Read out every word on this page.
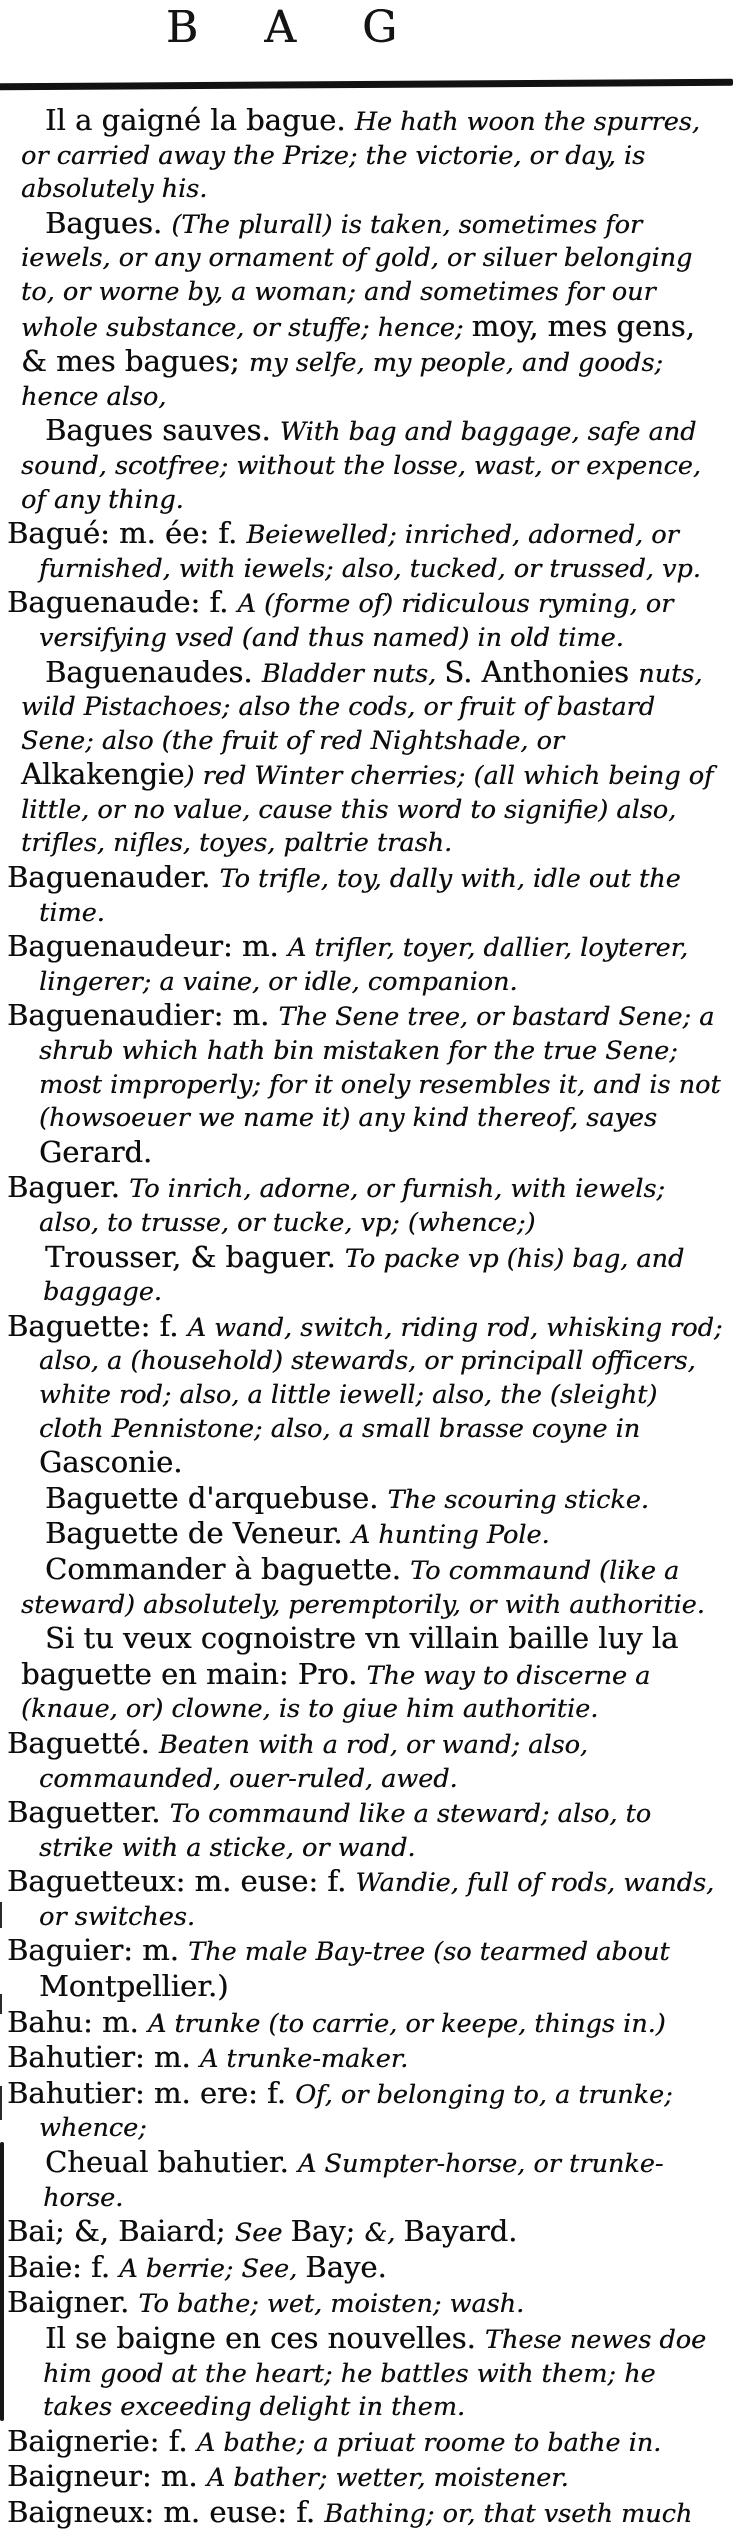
B A G

Il a gaigné la bague. He hath woon the spurres, or carried away the Prize; the victorie, or day, is absolutely his.

Bagues. (The plurall) is taken, sometimes for iewels, or any ornament of gold, or siluer belonging to, or worne by, a woman; and sometimes for our whole substance, or stuffe; hence; moy, mes gens, & mes bagues; my selfe, my people, and goods; hence also,

Bagues sauves. With bag and baggage, safe and sound, scotfree; without the losse, wast, or expence, of any thing.

Bagué: m. ée: f. Beiewelled; inriched, adorned, or furnished, with iewels; also, tucked, or trussed, vp.

Baguenaude: f. A (forme of) ridiculous ryming, or versifying vsed (and thus named) in old time.

Baguenaudes. Bladder nuts, S. Anthonies nuts, wild Pistachoes; also the cods, or fruit of bastard Sene; also (the fruit of red Nightshade, or Alkakengie) red Winter cherries; (all which being of little, or no value, cause this word to signifie) also, trifles, nifles, toyes, paltrie trash.

Baguenauder. To trifle, toy, dally with, idle out the time.

Baguenaudeur: m. A trifler, toyer, dallier, loyterer, lingerer; a vaine, or idle, companion.

Baguenaudier: m. The Sene tree, or bastard Sene; a shrub which hath bin mistaken for the true Sene; most improperly; for it onely resembles it, and is not (howsoeuer we name it) any kind thereof, sayes Gerard.

Baguer. To inrich, adorne, or furnish, with iewels; also, to trusse, or tucke, vp; (whence;)

Trousser, & baguer. To packe vp (his) bag, and baggage.

Baguette: f. A wand, switch, riding rod, whisking rod; also, a (household) stewards, or principall officers, white rod; also, a little iewell; also, the (sleight) cloth Pennistone; also, a small brasse coyne in Gasconie.

Baguette d'arquebuse. The scouring sticke.

Baguette de Veneur. A hunting Pole.

Commander à baguette. To commaund (like a steward) absolutely, peremptorily, or with authoritie.

Si tu veux cognoistre vn villain baille luy la baguette en main: Pro. The way to discerne a (knaue, or) clowne, is to giue him authoritie.

Baguetté. Beaten with a rod, or wand; also, commaunded, ouer-ruled, awed.

Baguetter. To commaund like a steward; also, to strike with a sticke, or wand.

Baguetteux: m. euse: f. Wandie, full of rods, wands, or switches.

Baguier: m. The male Bay-tree (so tearmed about Montpellier.)

Bahu: m. A trunke (to carrie, or keepe, things in.)

Bahutier: m. A trunke-maker.

Bahutier: m. ere: f. Of, or belonging to, a trunke; whence;

Cheual bahutier. A Sumpter-horse, or trunke-horse.

Bai; &, Baiard; See Bay; &, Bayard.

Baie: f. A berrie; See, Baye.

Baigner. To bathe; wet, moisten; wash.

Il se baigne en ces nouvelles. These newes doe him good at the heart; he battles with them; he takes exceeding delight in them.

Baignerie: f. A bathe; a priuat roome to bathe in.

Baigneur: m. A bather; wetter, moistener.

Baigneux: m. euse: f. Bathing; or, that vseth much
